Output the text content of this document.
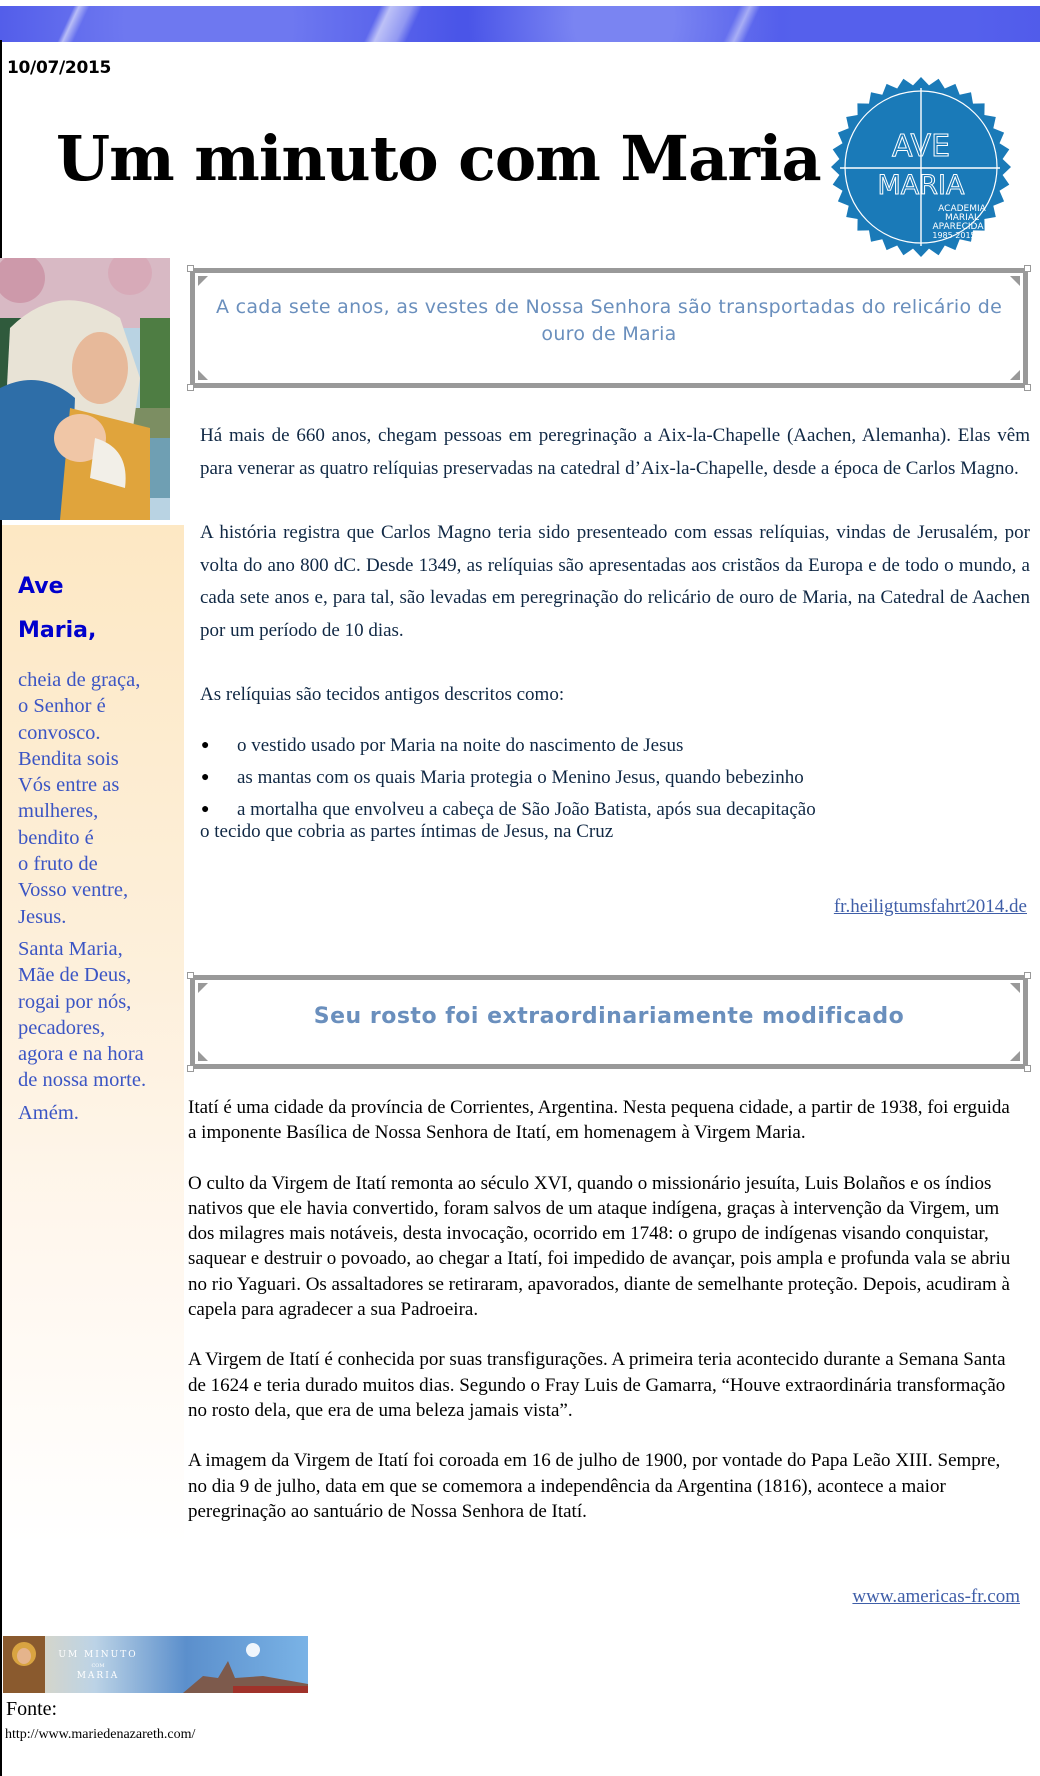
10/07/2015
Um minuto com Maria AVE
MARIA
ACADEMIA
MARIAL
APARECIDA
1985 2015
Ave
Maria,
cheia de graça,
o Senhor é
convosco.
Bendita sois
Vós entre as
mulheres,
bendito é
o fruto de
Vosso ventre,
Jesus.
Santa Maria,
Mãe de Deus,
rogai por nós,
pecadores,
agora e na hora
de nossa morte.
Amém.
A cada sete anos, as vestes de Nossa Senhora são transportadas do relicário de ouro de Maria

Há mais de 660 anos, chegam pessoas em peregrinação a Aix-la-Chapelle (Aachen, Alemanha). Elas vêm para venerar as quatro relíquias preservadas na catedral d’Aix-la-Chapelle, desde a época de Carlos Magno.

A história registra que Carlos Magno teria sido presenteado com essas relíquias, vindas de Jerusalém, por volta do ano 800 dC. Desde 1349, as relíquias são apresentadas aos cristãos da Europa e de todo o mundo, a cada sete anos e, para tal, são levadas em peregrinação do relicário de ouro de Maria, na Catedral de Aachen por um período de 10 dias.

As relíquias são tecidos antigos descritos como:

● o vestido usado por Maria na noite do nascimento de Jesus
● as mantas com os quais Maria protegia o Menino Jesus, quando bebezinho
● a mortalha que envolveu a cabeça de São João Batista, após sua decapitação
o tecido que cobria as partes íntimas de Jesus, na Cruz
fr.heiligtumsfahrt2014.de
Seu rosto foi extraordinariamente modificado

Itatí é uma cidade da província de Corrientes, Argentina. Nesta pequena cidade, a partir de 1938, foi erguida a imponente Basílica de Nossa Senhora de Itatí, em homenagem à Virgem Maria.

O culto da Virgem de Itatí remonta ao século XVI, quando o missionário jesuíta, Luis Bolaños e os índios nativos que ele havia convertido, foram salvos de um ataque indígena, graças à intervenção da Virgem, um dos milagres mais notáveis, desta invocação, ocorrido em 1748: o grupo de indígenas visando conquistar, saquear e destruir o povoado, ao chegar a Itatí, foi impedido de avançar, pois ampla e profunda vala se abriu no rio Yaguari. Os assaltadores se retiraram, apavorados, diante de semelhante proteção. Depois, acudiram à capela para agradecer a sua Padroeira.

A Virgem de Itatí é conhecida por suas transfigurações. A primeira teria acontecido durante a Semana Santa de 1624 e teria durado muitos dias. Segundo o Fray Luis de Gamarra, “Houve extraordinária transformação no rosto dela, que era de uma beleza jamais vista”.

A imagem da Virgem de Itatí foi coroada em 16 de julho de 1900, por vontade do Papa Leão XIII. Sempre, no dia 9 de julho, data em que se comemora a independência da Argentina (1816), acontece a maior peregrinação ao santuário de Nossa Senhora de Itatí.

www.americas-fr.com
UM MINUTO
COM
MARIA
Fonte:
http://www.mariedenazareth.com/
